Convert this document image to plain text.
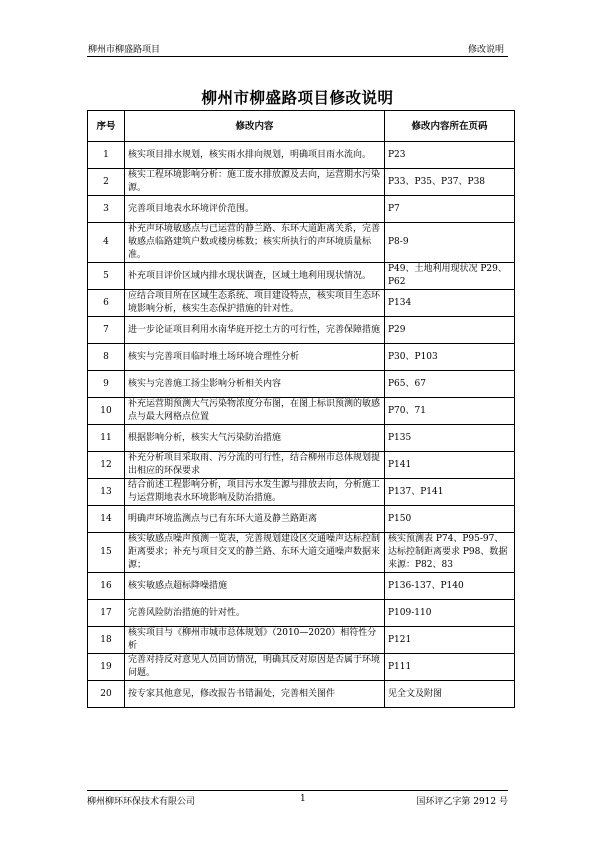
柳州市柳盛路项目	修改说明
柳州市柳盛路项目修改说明
序号	修改内容	修改内容所在页码
1	核实项目排水规划，核实雨水排向规划，明确项目雨水流向。	P23
2	核实工程环境影响分析：施工废水排放源及去向，运营期水污染源。	P33、P35、P37、P38
3	完善项目地表水环境评价范围。	P7
4	补充声环境敏感点与已运营的静兰路、东环大道距离关系，完善敏感点临路建筑户数或楼房栋数；核实所执行的声环境质量标准。	P8-9
5	补充项目评价区域内排水现状调查，区域土地利用现状情况。	P49、土地利用现状况 P29、P62
6	应结合项目所在区域生态系统、项目建设特点，核实项目生态环境影响分析，核实生态保护措施的针对性。	P134
7	进一步论证项目利用水南华庭开挖土方的可行性，完善保障措施	P29
8	核实与完善项目临时堆土场环境合理性分析	P30、P103
9	核实与完善施工扬尘影响分析相关内容	P65、67
10	补充运营期预测大气污染物浓度分布图，在图上标识预测的敏感点与最大网格点位置	P70、71
11	根据影响分析，核实大气污染防治措施	P135
12	补充分析项目采取雨、污分流的可行性，结合柳州市总体规划提出相应的环保要求	P141
13	结合前述工程影响分析，项目污水发生源与排放去向，分析施工与运营期地表水环境影响及防治措施。	P137、P141
14	明确声环境监测点与已有东环大道及静兰路距离	P150
15	核实敏感点噪声预测一览表，完善规划建设区交通噪声达标控制距离要求；补充与项目交叉的静兰路、东环大道交通噪声数据来源；	核实预测表 P74、P95-97、达标控制距离要求 P98、数据来源：P82、83
16	核实敏感点超标降噪措施	P136-137、P140
17	完善风险防治措施的针对性。	P109-110
18	核实项目与《柳州市城市总体规划》（2010—2020）相符性分析	P121
19	完善对持反对意见人员回访情况，明确其反对原因是否属于环境问题。	P111
20	按专家其他意见，修改报告书错漏处，完善相关图件	见全文及附图
柳州柳环环保技术有限公司	1	国环评乙字第 2912 号
